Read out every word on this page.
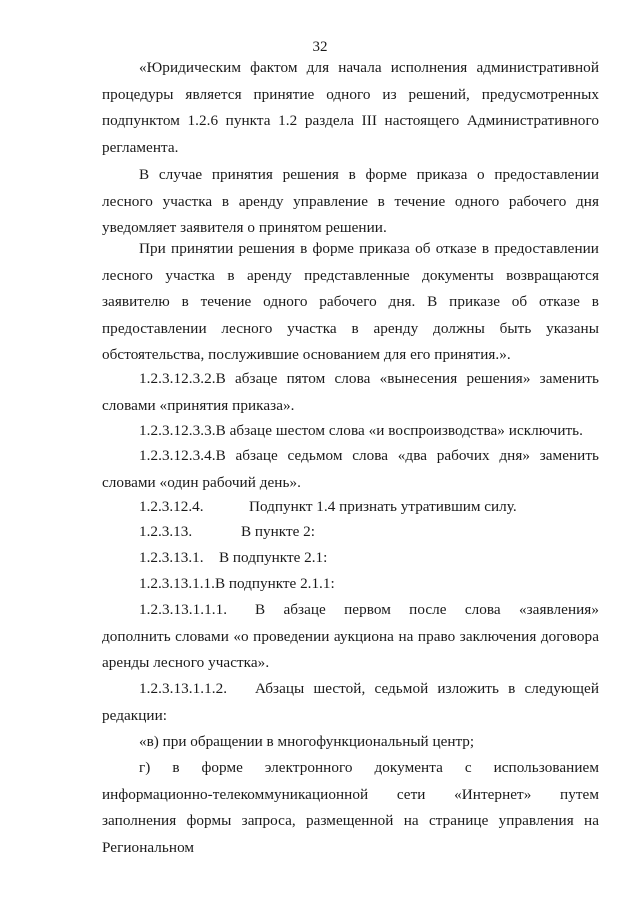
32
«Юридическим фактом для начала исполнения административной процедуры является принятие одного из решений, предусмотренных подпунктом 1.2.6 пункта 1.2 раздела III настоящего Административного регламента.
В случае принятия решения в форме приказа о предоставлении лесного участка в аренду управление в течение одного рабочего дня уведомляет заявителя о принятом решении.
При принятии решения в форме приказа об отказе в предоставлении лесного участка в аренду представленные документы возвращаются заявителю в течение одного рабочего дня. В приказе об отказе в предоставлении лесного участка в аренду должны быть указаны обстоятельства, послужившие основанием для его принятия.».
1.2.3.12.3.2.В абзаце пятом слова «вынесения решения» заменить словами «принятия приказа».
1.2.3.12.3.3.В абзаце шестом слова «и воспроизводства» исключить.
1.2.3.12.3.4.В абзаце седьмом слова «два рабочих дня» заменить словами «один рабочий день».
1.2.3.12.4.	Подпункт 1.4 признать утратившим силу.
1.2.3.13.	В пункте 2:
1.2.3.13.1. В подпункте 2.1:
1.2.3.13.1.1.В подпункте 2.1.1:
1.2.3.13.1.1.1. В абзаце первом после слова «заявления» дополнить словами «о проведении аукциона на право заключения договора аренды лесного участка».
1.2.3.13.1.1.2. Абзацы шестой, седьмой изложить в следующей редакции:
«в) при обращении в многофункциональный центр;
г) в форме электронного документа с использованием информационно-телекоммуникационной сети «Интернет» путем заполнения формы запроса, размещенной на странице управления на Региональном
